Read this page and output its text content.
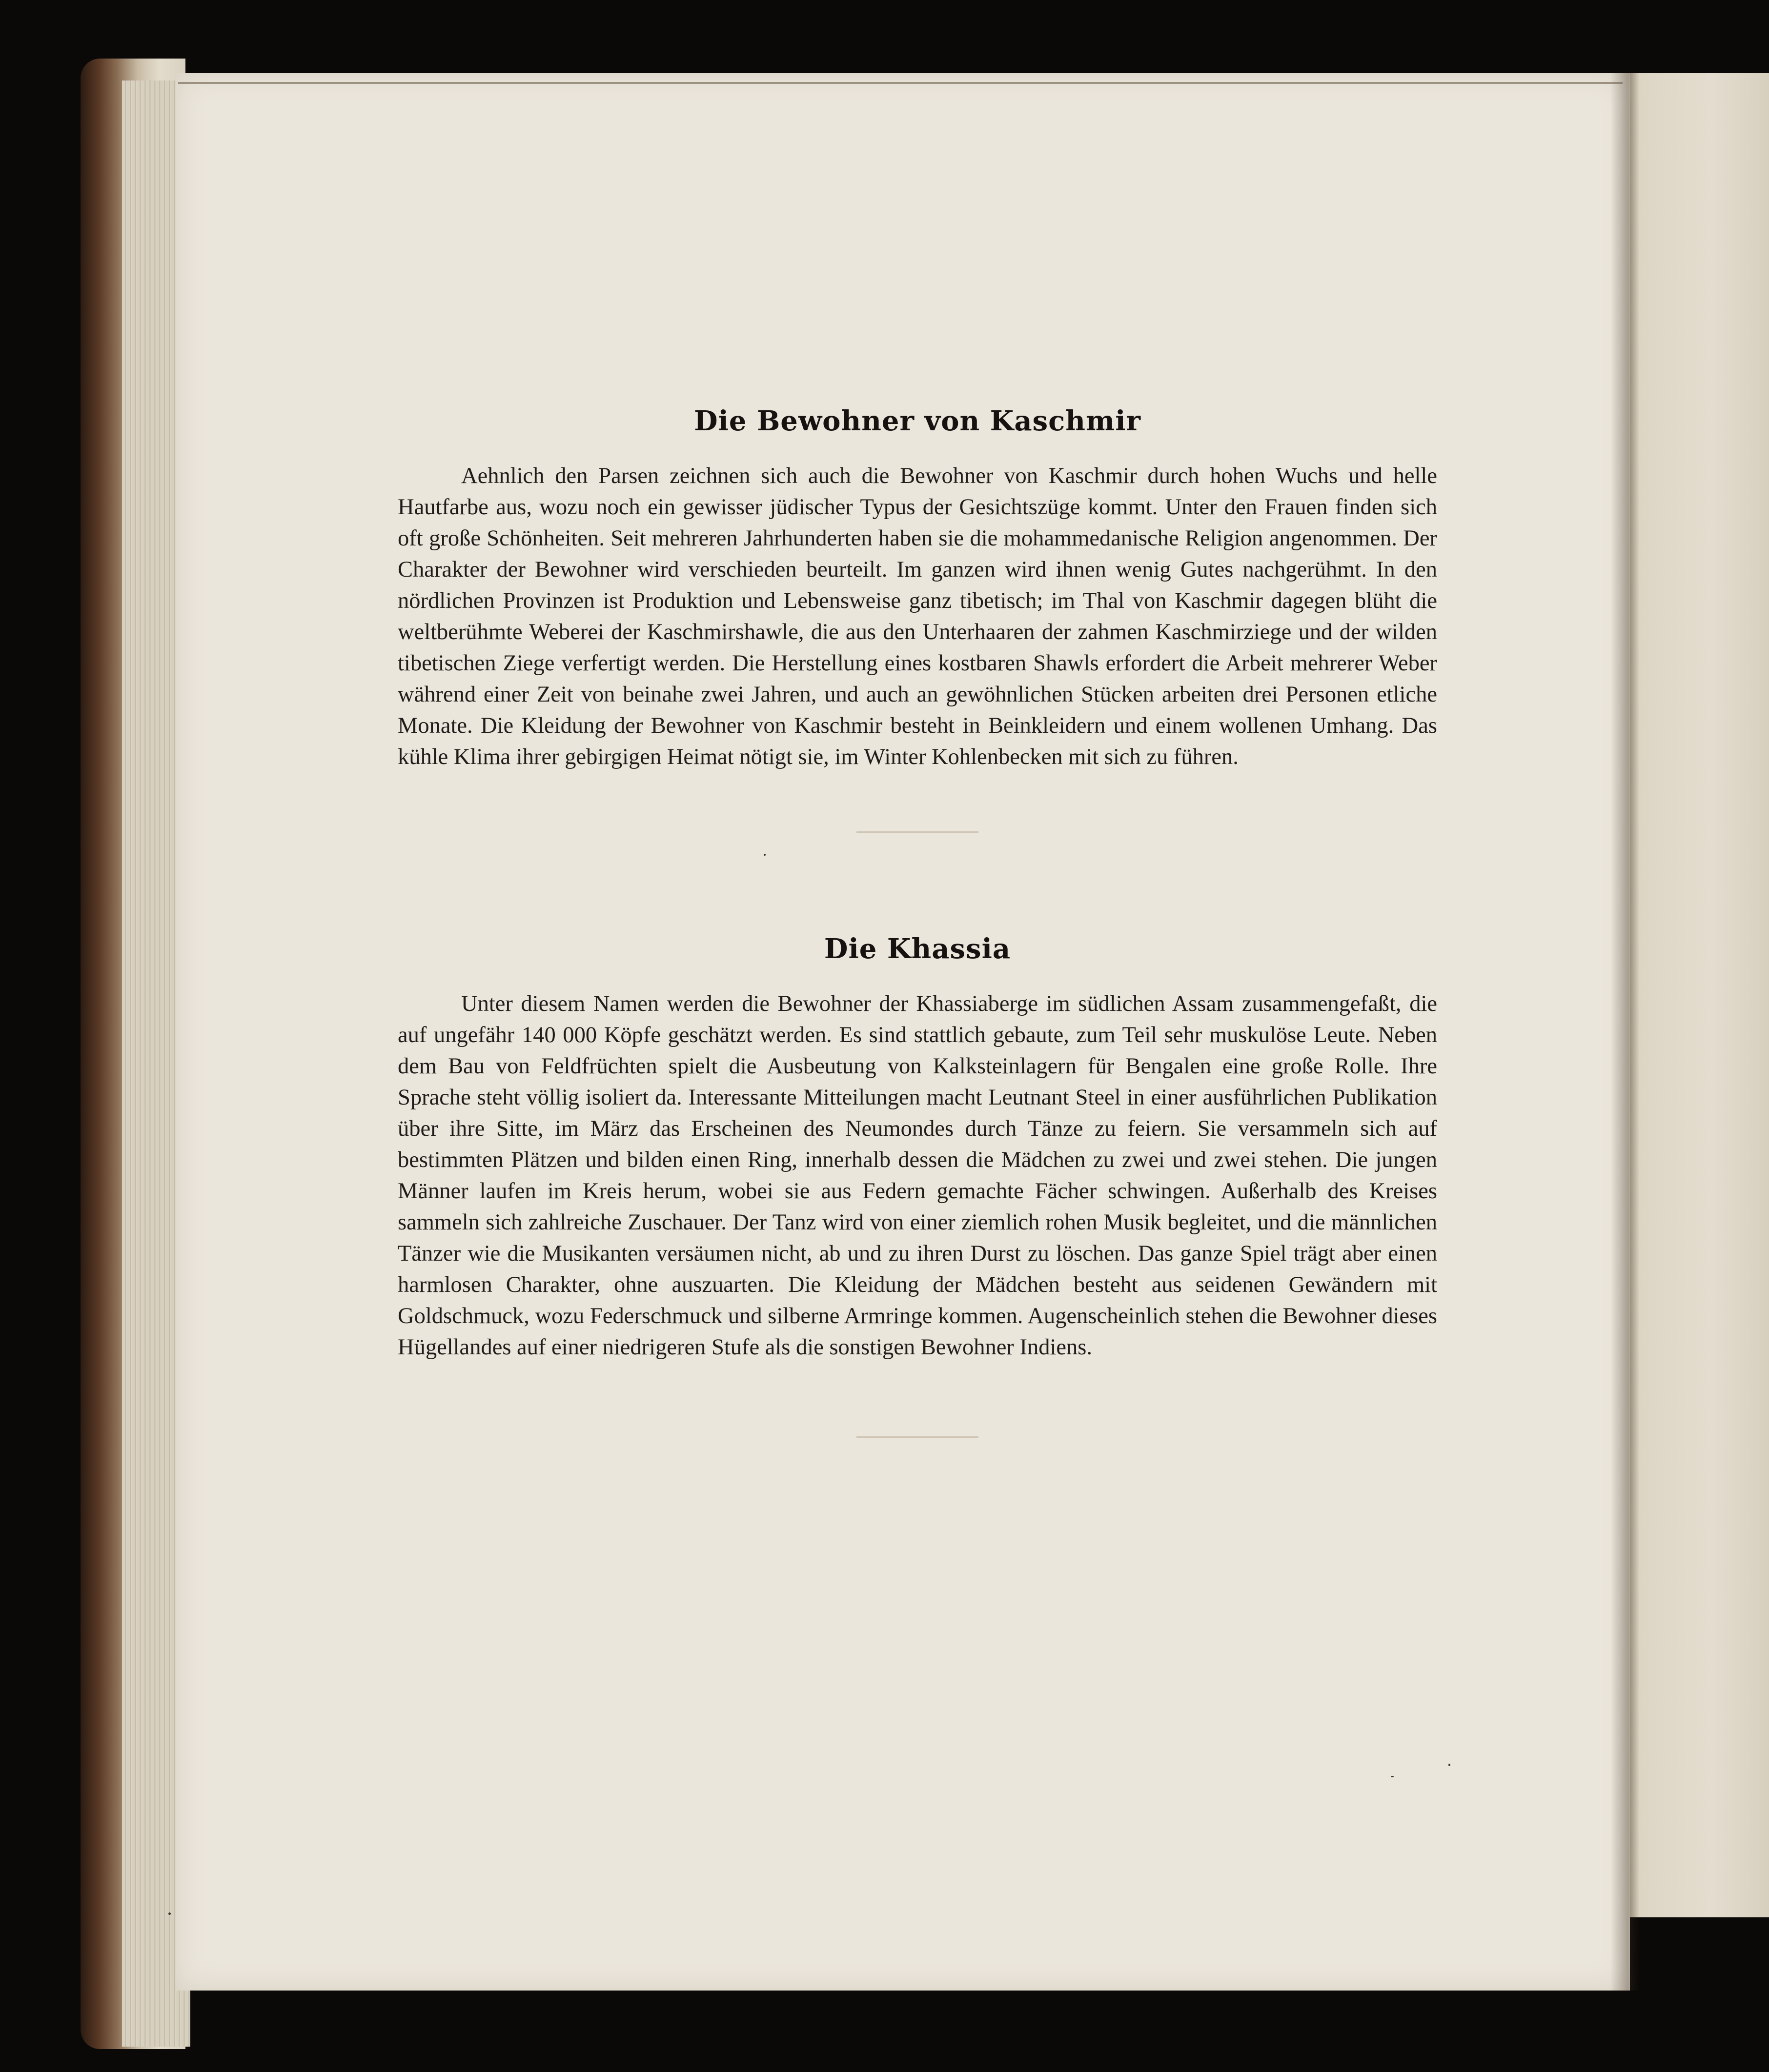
Die Bewohner von Kaschmir

Aehnlich den Parsen zeichnen sich auch die Bewohner von Kaschmir durch hohen Wuchs und helle Hautfarbe aus, wozu noch ein gewisser jüdischer Typus der Gesichtszüge kommt. Unter den Frauen finden sich oft große Schönheiten. Seit mehreren Jahrhunderten haben sie die mohammedanische Religion angenommen. Der Charakter der Bewohner wird verschieden beurteilt. Im ganzen wird ihnen wenig Gutes nachgerühmt. In den nördlichen Provinzen ist Produktion und Lebensweise ganz tibetisch; im Thal von Kaschmir dagegen blüht die weltberühmte Weberei der Kaschmirshawle, die aus den Unterhaaren der zahmen Kaschmirziege und der wilden tibetischen Ziege verfertigt werden. Die Herstellung eines kostbaren Shawls erfordert die Arbeit mehrerer Weber während einer Zeit von beinahe zwei Jahren, und auch an gewöhnlichen Stücken arbeiten drei Personen etliche Monate. Die Kleidung der Bewohner von Kaschmir besteht in Beinkleidern und einem wollenen Umhang. Das kühle Klima ihrer gebirgigen Heimat nötigt sie, im Winter Kohlenbecken mit sich zu führen.

Die Khassia

Unter diesem Namen werden die Bewohner der Khassiaberge im südlichen Assam zusammengefaßt, die auf ungefähr 140 000 Köpfe geschätzt werden. Es sind stattlich gebaute, zum Teil sehr muskulöse Leute. Neben dem Bau von Feldfrüchten spielt die Ausbeutung von Kalksteinlagern für Bengalen eine große Rolle. Ihre Sprache steht völlig isoliert da. Interessante Mitteilungen macht Leutnant Steel in einer ausführlichen Publikation über ihre Sitte, im März das Erscheinen des Neumondes durch Tänze zu feiern. Sie versammeln sich auf bestimmten Plätzen und bilden einen Ring, innerhalb dessen die Mädchen zu zwei und zwei stehen. Die jungen Männer laufen im Kreis herum, wobei sie aus Federn gemachte Fächer schwingen. Außerhalb des Kreises sammeln sich zahlreiche Zuschauer. Der Tanz wird von einer ziemlich rohen Musik begleitet, und die männlichen Tänzer wie die Musikanten versäumen nicht, ab und zu ihren Durst zu löschen. Das ganze Spiel trägt aber einen harmlosen Charakter, ohne auszuarten. Die Kleidung der Mädchen besteht aus seidenen Gewändern mit Goldschmuck, wozu Federschmuck und silberne Armringe kommen. Augenscheinlich stehen die Bewohner dieses Hügellandes auf einer niedrigeren Stufe als die sonstigen Bewohner Indiens.
